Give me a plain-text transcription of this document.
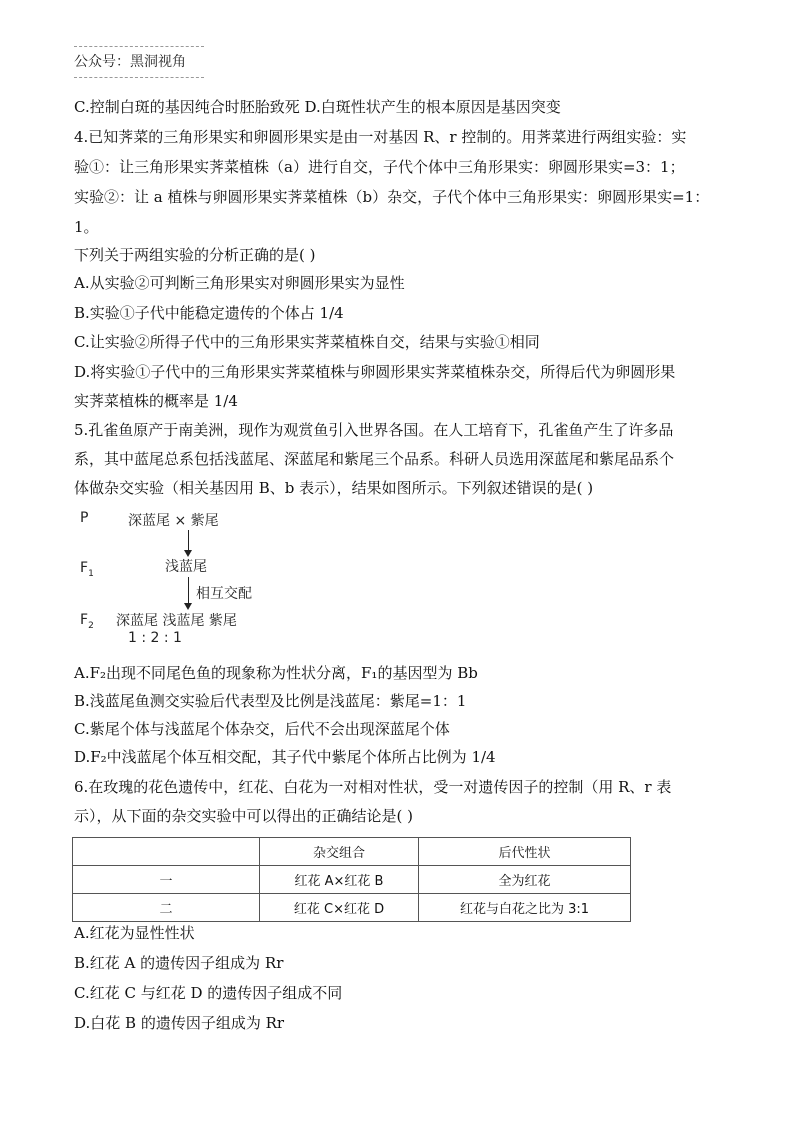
公众号：黑洞视角
C.控制白斑的基因纯合时胚胎致死 D.白斑性状产生的根本原因是基因突变
4.已知荠菜的三角形果实和卵圆形果实是由一对基因 R、r 控制的。用荠菜进行两组实验：实
验①：让三角形果实荠菜植株（a）进行自交，子代个体中三角形果实：卵圆形果实=3：1；
实验②：让 a 植株与卵圆形果实荠菜植株（b）杂交，子代个体中三角形果实：卵圆形果实=1：
1。
下列关于两组实验的分析正确的是( )
A.从实验②可判断三角形果实对卵圆形果实为显性
B.实验①子代中能稳定遗传的个体占 1/4
C.让实验②所得子代中的三角形果实荠菜植株自交，结果与实验①相同
D.将实验①子代中的三角形果实荠菜植株与卵圆形果实荠菜植株杂交，所得后代为卵圆形果
实荠菜植株的概率是 1/4
5.孔雀鱼原产于南美洲，现作为观赏鱼引入世界各国。在人工培育下，孔雀鱼产生了许多品
系，其中蓝尾总系包括浅蓝尾、深蓝尾和紫尾三个品系。科研人员选用深蓝尾和紫尾品系个
体做杂交实验（相关基因用 B、b 表示），结果如图所示。下列叙述错误的是( )
P	深蓝尾 × 紫尾
$F_1$	浅蓝尾
相互交配
$F_2$ 深蓝尾 浅蓝尾 紫尾
1 : 2 : 1
A.F₂出现不同尾色鱼的现象称为性状分离，F₁的基因型为 Bb
B.浅蓝尾鱼测交实验后代表型及比例是浅蓝尾：紫尾=1：1
C.紫尾个体与浅蓝尾个体杂交，后代不会出现深蓝尾个体
D.F₂中浅蓝尾个体互相交配，其子代中紫尾个体所占比例为 1/4
6.在玫瑰的花色遗传中，红花、白花为一对相对性状，受一对遗传因子的控制（用 R、r 表
示），从下面的杂交实验中可以得出的正确结论是( )
	杂交组合	后代性状
一	红花 A×红花 B	全为红花
二	红花 C×红花 D	红花与白花之比为 3:1
A.红花为显性性状
B.红花 A 的遗传因子组成为 Rr
C.红花 C 与红花 D 的遗传因子组成不同
D.白花 B 的遗传因子组成为 Rr
